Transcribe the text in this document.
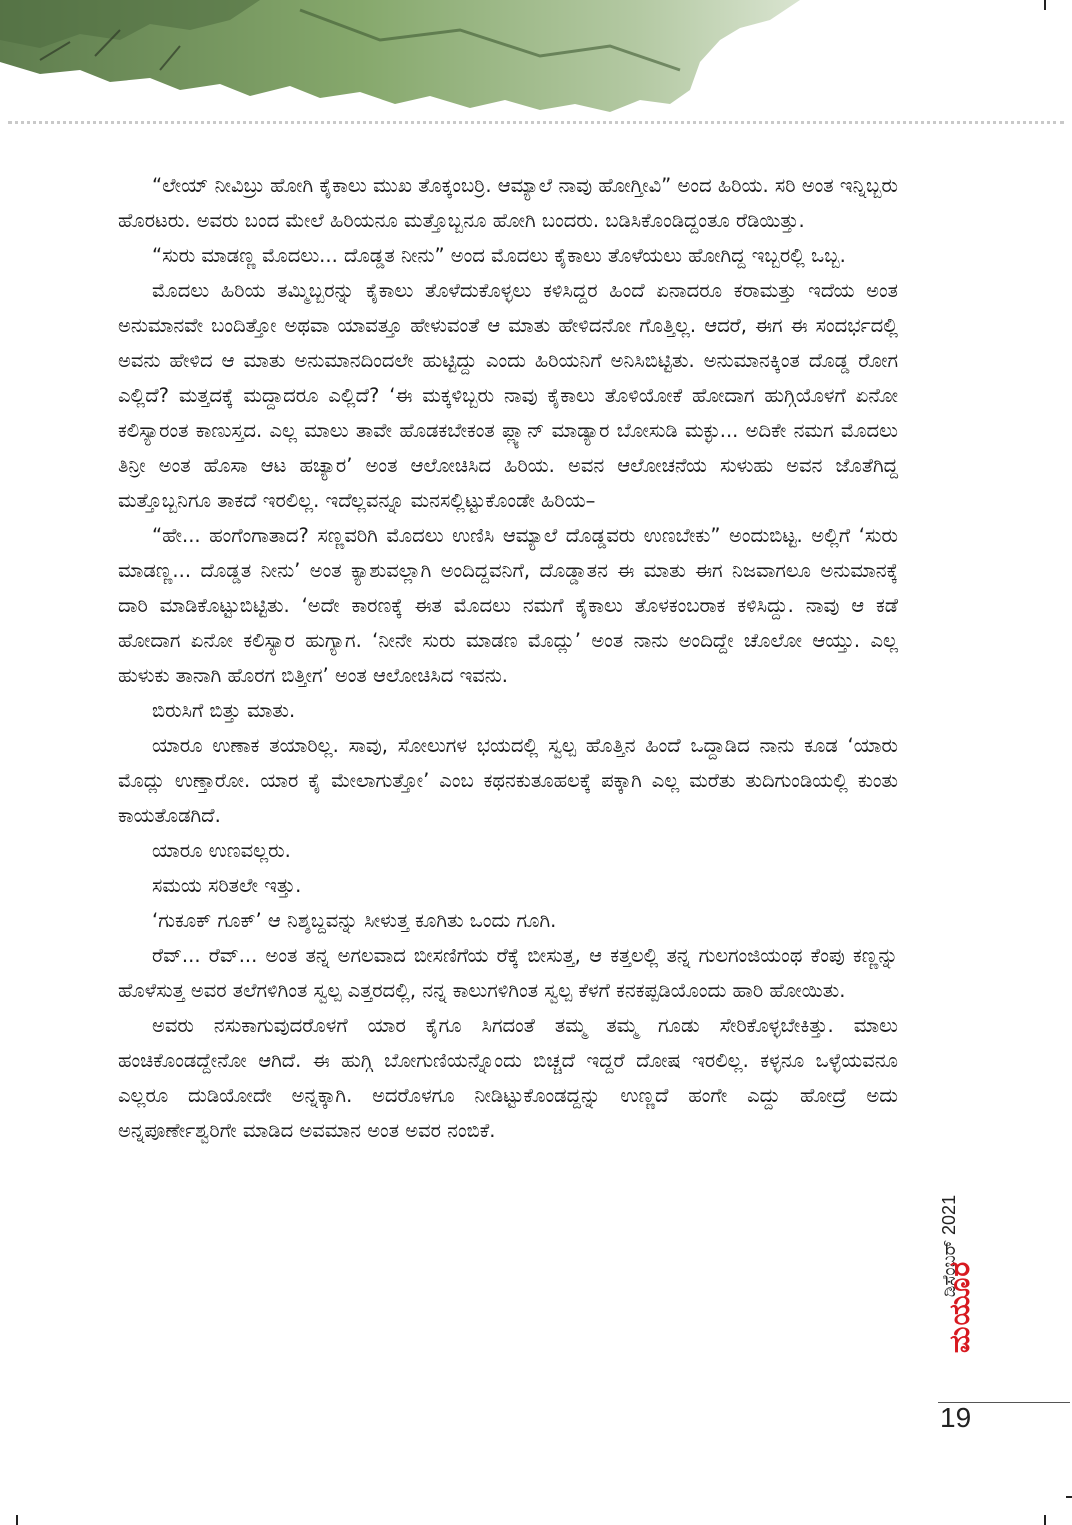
“ಲೇಯ್ ನೀವಿಬ್ರು ಹೋಗಿ ಕೈಕಾಲು ಮುಖ ತೊಕ್ಕಂಬರ್ರಿ. ಆಮ್ಯಾಲೆ ನಾವು ಹೋಗ್ತೀವಿ” ಅಂದ ಹಿರಿಯ. ಸರಿ ಅಂತ ಇನ್ನಿಬ್ಬರು ಹೊರಟರು. ಅವರು ಬಂದ ಮೇಲೆ ಹಿರಿಯನೂ ಮತ್ತೊಬ್ಬನೂ ಹೋಗಿ ಬಂದರು. ಬಡಿಸಿಕೊಂಡಿದ್ದಂತೂ ರೆಡಿಯಿತ್ತು.

“ಸುರು ಮಾಡಣ್ಣ ಮೊದಲು... ದೊಡ್ಡತ ನೀನು” ಅಂದ ಮೊದಲು ಕೈಕಾಲು ತೊಳೆಯಲು ಹೋಗಿದ್ದ ಇಬ್ಬರಲ್ಲಿ ಒಬ್ಬ.

ಮೊದಲು ಹಿರಿಯ ತಮ್ಮಿಬ್ಬರನ್ನು ಕೈಕಾಲು ತೊಳೆದುಕೊಳ್ಳಲು ಕಳಿಸಿದ್ದರ ಹಿಂದೆ ಏನಾದರೂ ಕರಾಮತ್ತು ಇದೆಯ ಅಂತ ಅನುಮಾನವೇ ಬಂದಿತ್ತೋ ಅಥವಾ ಯಾವತ್ತೂ ಹೇಳುವಂತೆ ಆ ಮಾತು ಹೇಳಿದನೋ ಗೊತ್ತಿಲ್ಲ. ಆದರೆ, ಈಗ ಈ ಸಂದರ್ಭದಲ್ಲಿ ಅವನು ಹೇಳಿದ ಆ ಮಾತು ಅನುಮಾನದಿಂದಲೇ ಹುಟ್ಟಿದ್ದು ಎಂದು ಹಿರಿಯನಿಗೆ ಅನಿಸಿಬಿಟ್ಟಿತು. ಅನುಮಾನಕ್ಕಿಂತ ದೊಡ್ಡ ರೋಗ ಎಲ್ಲಿದೆ? ಮತ್ತದಕ್ಕೆ ಮದ್ದಾದರೂ ಎಲ್ಲಿದೆ? ‘ಈ ಮಕ್ಕಳಿಬ್ಬರು ನಾವು ಕೈಕಾಲು ತೊಳಿಯೋಕೆ ಹೋದಾಗ ಹುಗ್ಗಿಯೊಳಗೆ ಏನೋ ಕಲಿಸ್ಯಾರಂತ ಕಾಣುಸ್ತದ. ಎಲ್ಲ ಮಾಲು ತಾವೇ ಹೊಡಕಬೇಕಂತ ಪ್ಲ್ಯಾನ್ ಮಾಡ್ಯಾರ ಬೋಸುಡಿ ಮಕ್ಳು... ಅದಿಕೇ ನಮಗ ಮೊದಲು ತಿನ್ರೀ ಅಂತ ಹೊಸಾ ಆಟ ಹಚ್ಯಾರ’ ಅಂತ ಆಲೋಚಿಸಿದ ಹಿರಿಯ. ಅವನ ಆಲೋಚನೆಯ ಸುಳುಹು ಅವನ ಜೊತೆಗಿದ್ದ ಮತ್ತೊಬ್ಬನಿಗೂ ತಾಕದೆ ಇರಲಿಲ್ಲ. ಇದೆಲ್ಲವನ್ನೂ ಮನಸಲ್ಲಿಟ್ಟುಕೊಂಡೇ ಹಿರಿಯ–

“ಹೇ... ಹಂಗೆಂಗಾತಾದ? ಸಣ್ಣವರಿಗಿ ಮೊದಲು ಉಣಿಸಿ ಆಮ್ಯಾಲೆ ದೊಡ್ಡವರು ಉಣಬೇಕು” ಅಂದುಬಿಟ್ಟ. ಅಲ್ಲಿಗೆ ‘ಸುರು ಮಾಡಣ್ಣ... ದೊಡ್ಡತ ನೀನು’ ಅಂತ ಕ್ಯಾಶುವಲ್ಲಾಗಿ ಅಂದಿದ್ದವನಿಗೆ, ದೊಡ್ಡಾತನ ಈ ಮಾತು ಈಗ ನಿಜವಾಗಲೂ ಅನುಮಾನಕ್ಕೆ ದಾರಿ ಮಾಡಿಕೊಟ್ಟುಬಿಟ್ಟಿತು. ‘ಅದೇ ಕಾರಣಕ್ಕೆ ಈತ ಮೊದಲು ನಮಗೆ ಕೈಕಾಲು ತೊಳಕಂಬರಾಕ ಕಳಿಸಿದ್ದು. ನಾವು ಆ ಕಡೆ ಹೋದಾಗ ಏನೋ ಕಲಿಸ್ಯಾರ ಹುಗ್ಯಾಗ. ‘ನೀನೇ ಸುರು ಮಾಡಣ ಮೊದ್ಲು’ ಅಂತ ನಾನು ಅಂದಿದ್ದೇ ಚೊಲೋ ಆಯ್ತು. ಎಲ್ಲ ಹುಳುಕು ತಾನಾಗಿ ಹೊರಗ ಬಿತ್ತೀಗ’ ಅಂತ ಆಲೋಚಿಸಿದ ಇವನು.

ಬಿರುಸಿಗೆ ಬಿತ್ತು ಮಾತು.

ಯಾರೂ ಉಣಾಕ ತಯಾರಿಲ್ಲ. ಸಾವು, ಸೋಲುಗಳ ಭಯದಲ್ಲಿ ಸ್ವಲ್ಪ ಹೊತ್ತಿನ ಹಿಂದೆ ಒದ್ದಾಡಿದ ನಾನು ಕೂಡ ‘ಯಾರು ಮೊದ್ಲು ಉಣ್ತಾರೋ. ಯಾರ ಕೈ ಮೇಲಾಗುತ್ತೋ’ ಎಂಬ ಕಥನಕುತೂಹಲಕ್ಕೆ ಪಕ್ಕಾಗಿ ಎಲ್ಲ ಮರೆತು ತುದಿಗುಂಡಿಯಲ್ಲಿ ಕುಂತು ಕಾಯತೊಡಗಿದೆ.

ಯಾರೂ ಉಣವಲ್ಲರು.

ಸಮಯ ಸರಿತಲೇ ಇತ್ತು.

‘ಗುಕೂಕ್ ಗೂಕ್’ ಆ ನಿಶ್ಶಬ್ದವನ್ನು ಸೀಳುತ್ತ ಕೂಗಿತು ಒಂದು ಗೂಗಿ.

ರೆವ್... ರೆವ್... ಅಂತ ತನ್ನ ಅಗಲವಾದ ಬೀಸಣಿಗೆಯ ರೆಕ್ಕೆ ಬೀಸುತ್ತ, ಆ ಕತ್ತಲಲ್ಲಿ ತನ್ನ ಗುಲಗಂಜಿಯಂಥ ಕೆಂಪು ಕಣ್ಣನ್ನು ಹೊಳೆಸುತ್ತ ಅವರ ತಲೆಗಳಿಗಿಂತ ಸ್ವಲ್ಪ ಎತ್ತರದಲ್ಲಿ, ನನ್ನ ಕಾಲುಗಳಿಗಿಂತ ಸ್ವಲ್ಪ ಕೆಳಗೆ ಕನಕಪ್ಪಡಿಯೊಂದು ಹಾರಿ ಹೋಯಿತು.

ಅವರು ನಸುಕಾಗುವುದರೊಳಗೆ ಯಾರ ಕೈಗೂ ಸಿಗದಂತೆ ತಮ್ಮ ತಮ್ಮ ಗೂಡು ಸೇರಿಕೊಳ್ಳಬೇಕಿತ್ತು. ಮಾಲು ಹಂಚಿಕೊಂಡದ್ದೇನೋ ಆಗಿದೆ. ಈ ಹುಗ್ಗಿ ಬೋಗುಣಿಯನ್ನೊಂದು ಬಿಚ್ಚದೆ ಇದ್ದರೆ ದೋಷ ಇರಲಿಲ್ಲ. ಕಳ್ಳನೂ ಒಳ್ಳೆಯವನೂ ಎಲ್ಲರೂ ದುಡಿಯೋದೇ ಅನ್ನಕ್ಕಾಗಿ. ಅದರೊಳಗೂ ನೀಡಿಟ್ಟುಕೊಂಡದ್ದನ್ನು ಉಣ್ಣದೆ ಹಂಗೇ ಎದ್ದು ಹೋದ್ರೆ ಅದು ಅನ್ನಪೂರ್ಣೇಶ್ವರಿಗೇ ಮಾಡಿದ ಅವಮಾನ ಅಂತ ಅವರ ನಂಬಿಕೆ.

ಡಿಸೆಂಬರ್ 2021
ಮಯೂರ
19
